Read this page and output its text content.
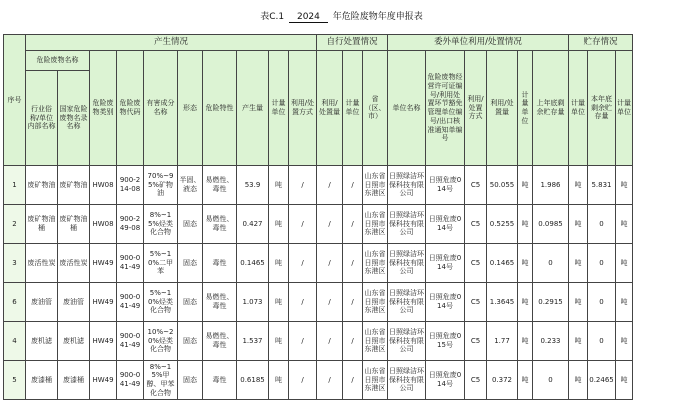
表C.1 2024 年危险废物年度申报表
序号	产生情况										自行处置情况			委外单位利用/处置情况						贮存情况		
	危险废物名称		危险废物类别	危险废物代码	有害成分名称	形态	危险特性	产生量	计量单位	利用/处置方式	利用/处置量	计量单位	省（区、市）	单位名称	危险废物经营许可证编号/利用处置环节豁免管理单位编号/出口核准通知单编号	利用/处置方式	利用/处置量	计量单位	上年底剩余贮存量	计量单位	本年底剩余贮存量	计量单位
	行业俗称/单位内部名称	国家危险废物名录名称																				
1	废矿物油	废矿物油	HW08	900-214-08	70%~95%矿物油	半固、液态	易燃性、毒性	53.9	吨	/	/	/	山东省日照市东港区	日照绿洁环保科技有限公司	日照危废014号	C5	50.055	吨	1.986	吨	5.831	吨
2	废矿物油桶	废矿物油桶	HW08	900-249-08	8%~15%烃类化合物	固态	易燃性、毒性	0.427	吨	/	/	/	山东省日照市东港区	日照绿洁环保科技有限公司	日照危废014号	C5	0.5255	吨	0.0985	吨	0	吨
3	废活性炭	废活性炭	HW49	900-041-49	5%~10%二甲苯	固态	毒性	0.1465	吨	/	/	/	山东省日照市东港区	日照绿洁环保科技有限公司	日照危废014号	C5	0.1465	吨	0	吨	0	吨
6	废油管	废油管	HW49	900-041-49	5%~10%烃类化合物	固态	易燃性、毒性	1.073	吨	/	/	/	山东省日照市东港区	日照绿洁环保科技有限公司	日照危废014号	C5	1.3645	吨	0.2915	吨	0	吨
4	废机滤	废机滤	HW49	900-041-49	10%~20%烃类化合物	固态	易燃性、毒性	1.537	吨	/	/	/	山东省日照市东港区	日照绿洁环保科技有限公司	日照危废015号	C5	1.77	吨	0.233	吨	0	吨
5	废漆桶	废漆桶	HW49	900-041-49	8%~15%甲醇、甲苯化合物	固态	毒性	0.6185	吨	/	/	/	山东省日照市东港区	日照绿洁环保科技有限公司	日照危废014号	C5	0.372	吨	0	吨	0.2465	吨
